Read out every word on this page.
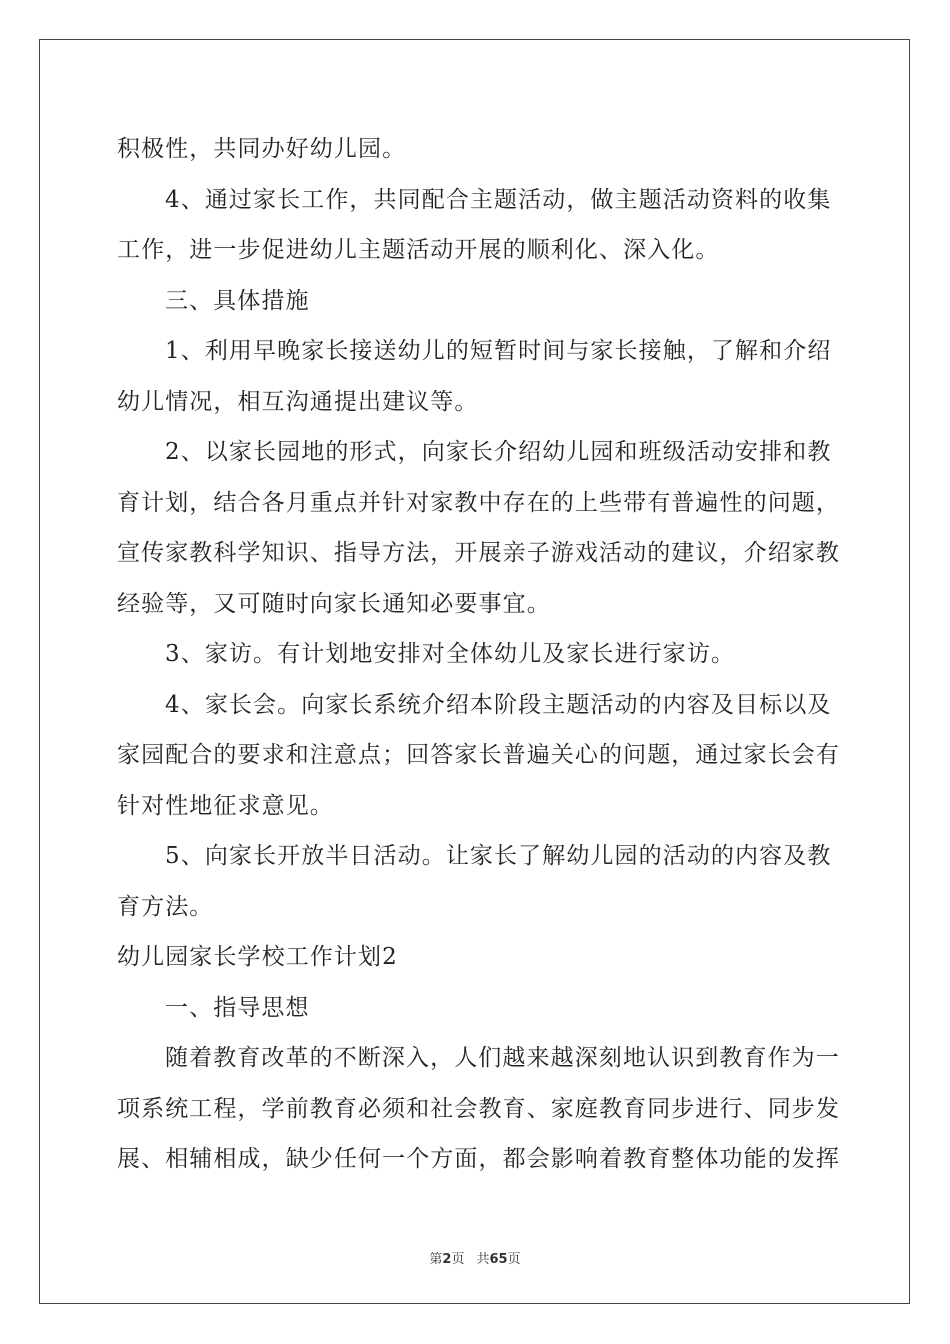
积极性，共同办好幼儿园。
4、通过家长工作，共同配合主题活动，做主题活动资料的收集
工作，进一步促进幼儿主题活动开展的顺利化、深入化。
三、具体措施
1、利用早晚家长接送幼儿的短暂时间与家长接触，了解和介绍
幼儿情况，相互沟通提出建议等。
2、以家长园地的形式，向家长介绍幼儿园和班级活动安排和教
育计划，结合各月重点并针对家教中存在的上些带有普遍性的问题，
宣传家教科学知识、指导方法，开展亲子游戏活动的建议，介绍家教
经验等，又可随时向家长通知必要事宜。
3、家访。有计划地安排对全体幼儿及家长进行家访。
4、家长会。向家长系统介绍本阶段主题活动的内容及目标以及
家园配合的要求和注意点；回答家长普遍关心的问题，通过家长会有
针对性地征求意见。
5、向家长开放半日活动。让家长了解幼儿园的活动的内容及教
育方法。
幼儿园家长学校工作计划2
一、指导思想
随着教育改革的不断深入，人们越来越深刻地认识到教育作为一
项系统工程，学前教育必须和社会教育、家庭教育同步进行、同步发
展、相辅相成，缺少任何一个方面，都会影响着教育整体功能的发挥
第2页 共65页
